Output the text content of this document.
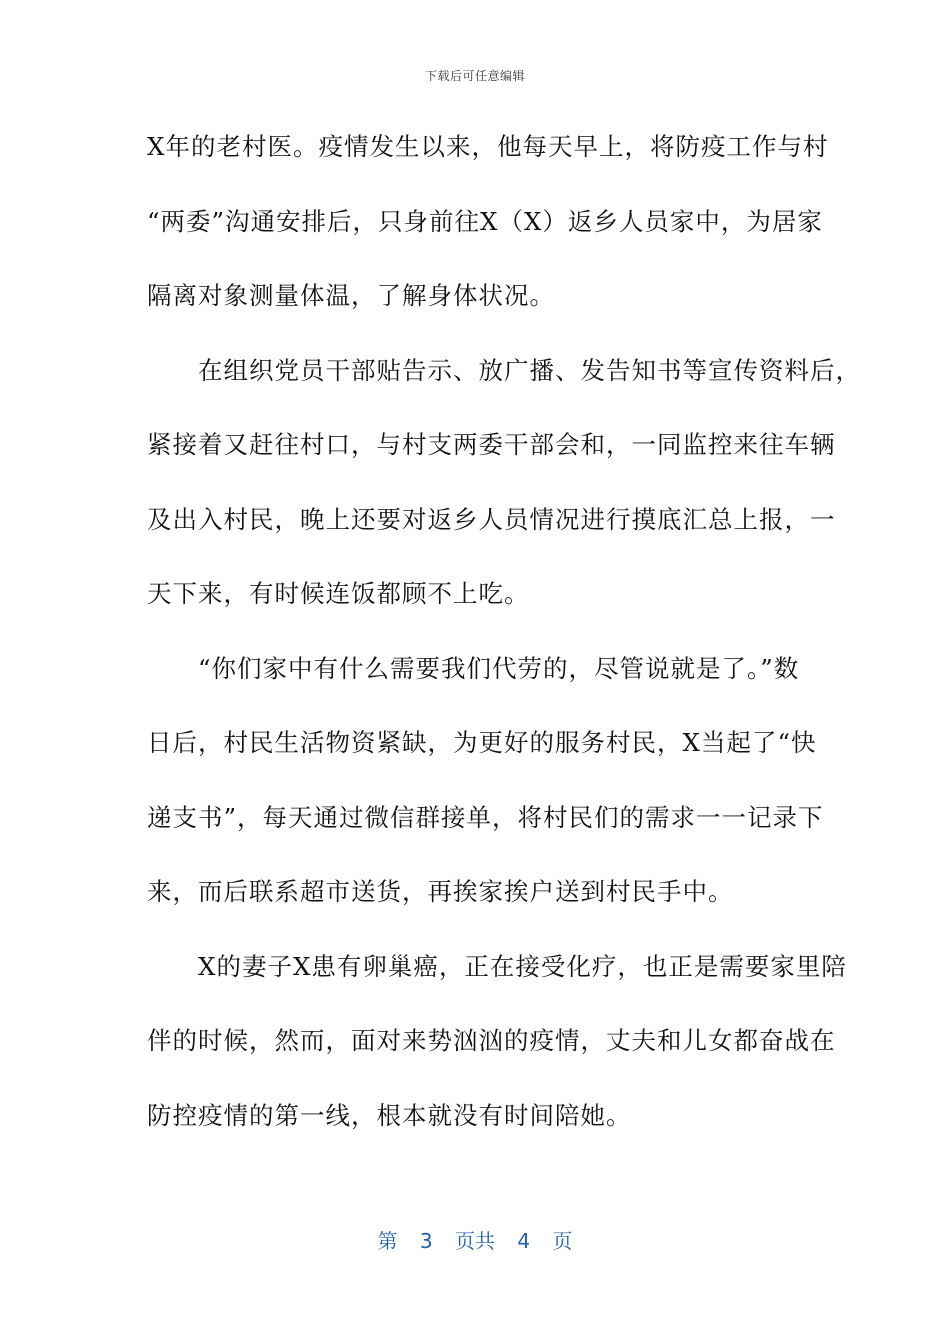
下载后可任意编辑
X年的老村医。疫情发生以来，他每天早上，将防疫工作与村
“两委”沟通安排后，只身前往X（X）返乡人员家中，为居家
隔离对象测量体温，了解身体状况。
　　在组织党员干部贴告示、放广播、发告知书等宣传资料后，
紧接着又赶往村口，与村支两委干部会和，一同监控来往车辆
及出入村民，晚上还要对返乡人员情况进行摸底汇总上报，一
天下来，有时候连饭都顾不上吃。
　　“你们家中有什么需要我们代劳的，尽管说就是了。”数
日后，村民生活物资紧缺，为更好的服务村民，X当起了“快
递支书”，每天通过微信群接单，将村民们的需求一一记录下
来，而后联系超市送货，再挨家挨户送到村民手中。
　　X的妻子X患有卵巢癌，正在接受化疗，也正是需要家里陪
伴的时候，然而，面对来势汹汹的疫情，丈夫和儿女都奋战在
防控疫情的第一线，根本就没有时间陪她。
第 3 页共 4 页
